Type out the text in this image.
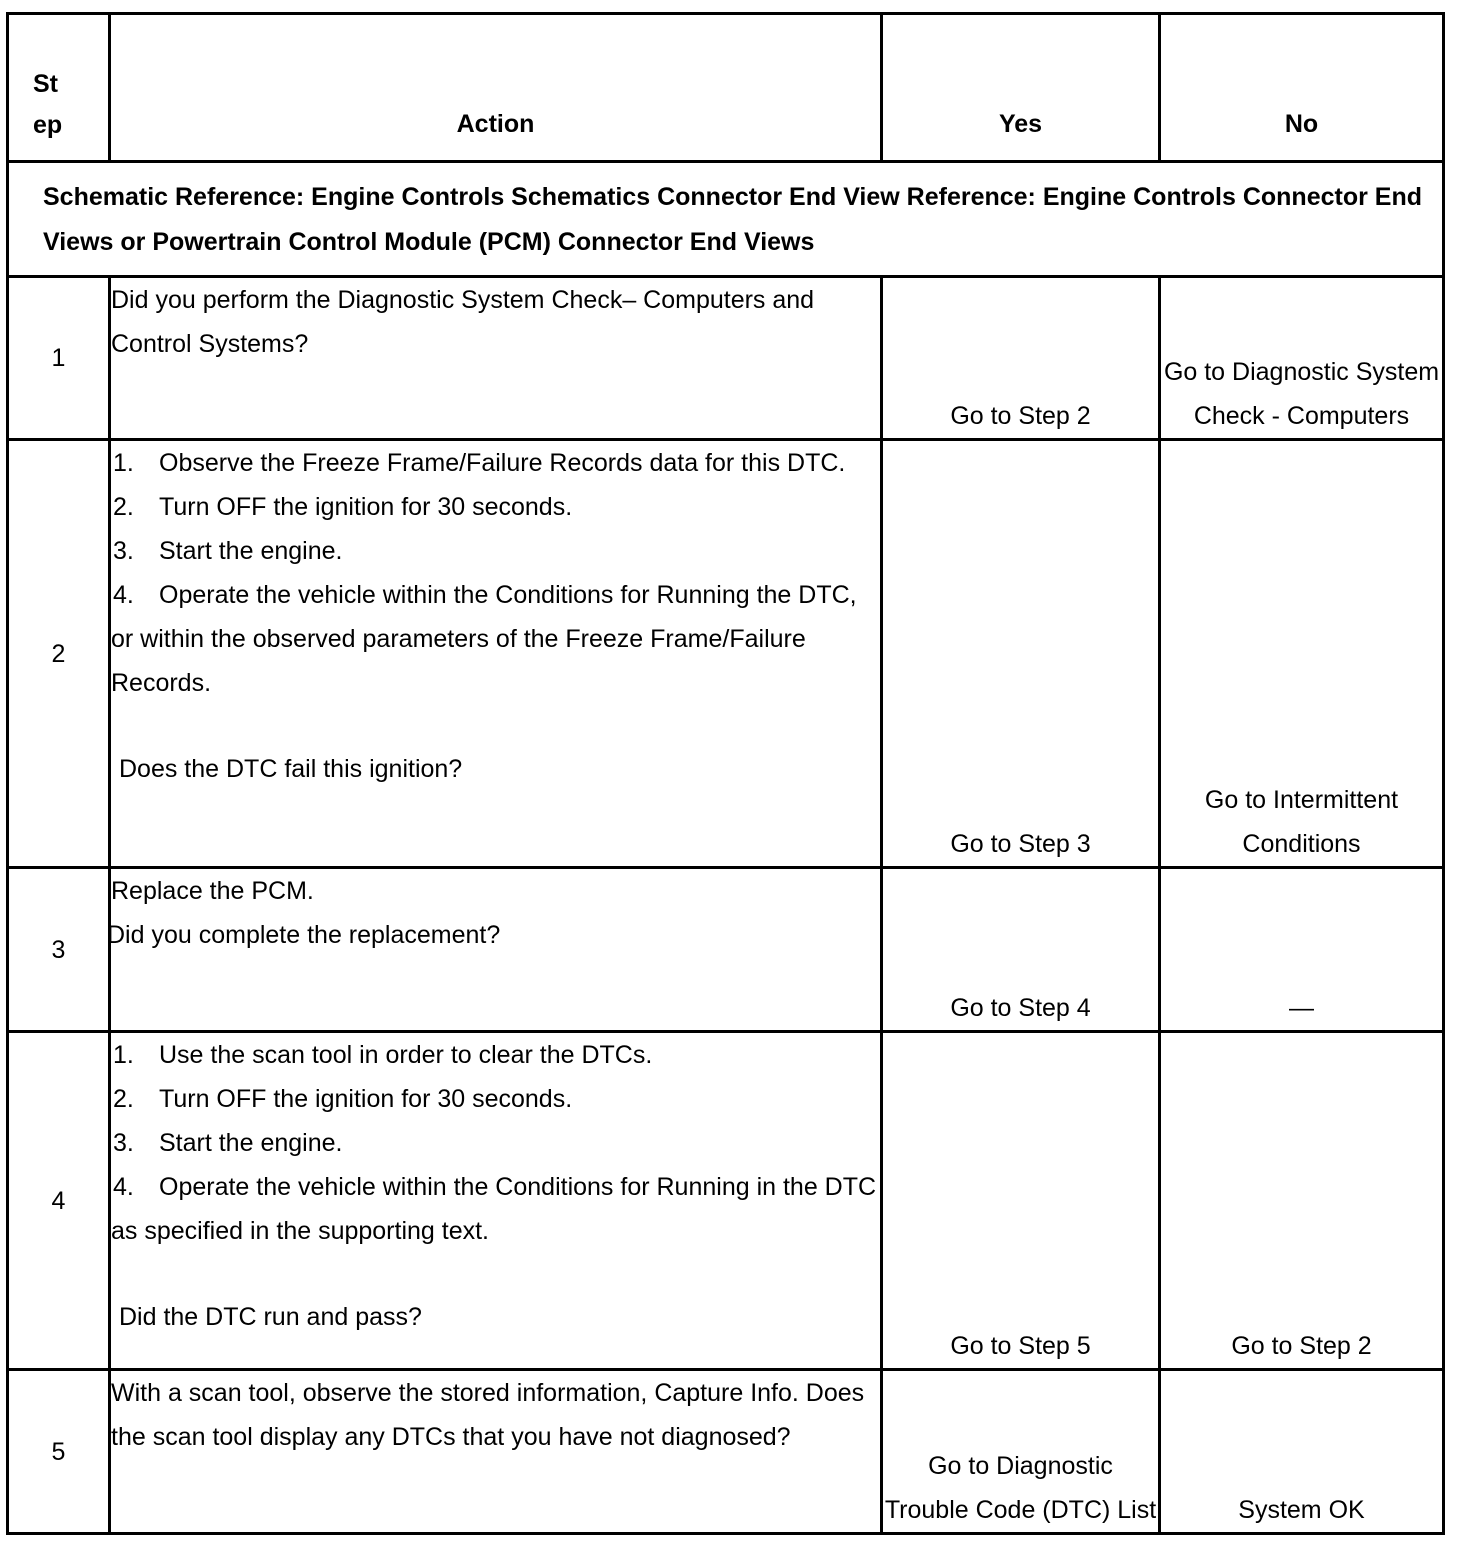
St
ep	Action	Yes	No

Schematic Reference: Engine Controls Schematics Connector End View Reference: Engine Controls Connector End Views or Powertrain Control Module (PCM) Connector End Views			
1	Did you perform the Diagnostic System Check– Computers and Control Systems?	Go to Step 2	Go to Diagnostic System Check - Computers
2	1. Observe the Freeze Frame/Failure Records data for this DTC.
2. Turn OFF the ignition for 30 seconds.
3. Start the engine.
4. Operate the vehicle within the Conditions for Running the DTC, or within the observed parameters of the Freeze Frame/Failure Records.
Does the DTC fail this ignition?	Go to Step 3	Go to Intermittent Conditions
3	Replace the PCM.
Did you complete the replacement?	Go to Step 4	—
4	1. Use the scan tool in order to clear the DTCs.
2. Turn OFF the ignition for 30 seconds.
3. Start the engine.
4. Operate the vehicle within the Conditions for Running in the DTC as specified in the supporting text.
Did the DTC run and pass?	Go to Step 5	Go to Step 2
5	With a scan tool, observe the stored information, Capture Info. Does the scan tool display any DTCs that you have not diagnosed?	Go to Diagnostic Trouble Code (DTC) List	System OK
